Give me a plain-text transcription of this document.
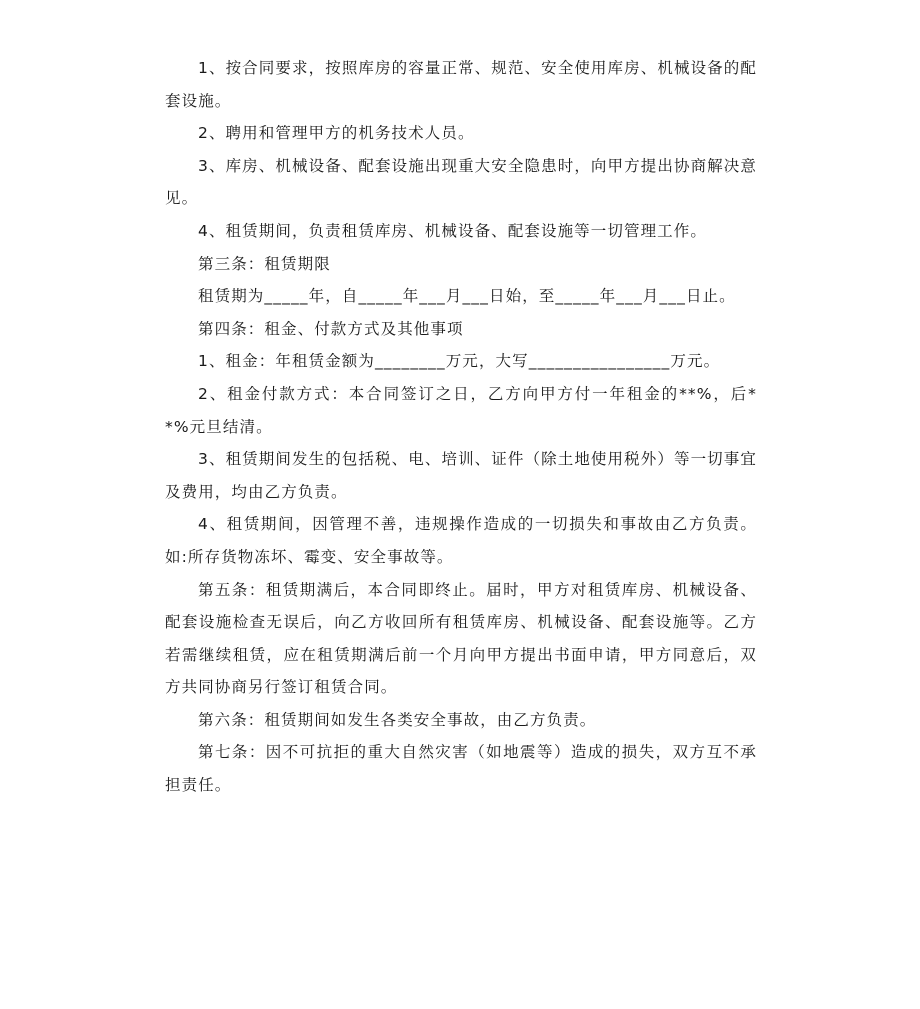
1、按合同要求，按照库房的容量正常、规范、安全使用库房、机械设备的配套设施。

2、聘用和管理甲方的机务技术人员。

3、库房、机械设备、配套设施出现重大安全隐患时，向甲方提出协商解决意见。

4、租赁期间，负责租赁库房、机械设备、配套设施等一切管理工作。

第三条：租赁期限

租赁期为_____年，自_____年___月___日始，至_____年___月___日止。

第四条：租金、付款方式及其他事项

1、租金：年租赁金额为________万元，大写________________万元。

2、租金付款方式：本合同签订之日，乙方向甲方付一年租金的**%，后**%元旦结清。

3、租赁期间发生的包括税、电、培训、证件（除土地使用税外）等一切事宜及费用，均由乙方负责。

4、租赁期间，因管理不善，违规操作造成的一切损失和事故由乙方负责。如:所存货物冻坏、霉变、安全事故等。

第五条：租赁期满后，本合同即终止。届时，甲方对租赁库房、机械设备、配套设施检查无误后，向乙方收回所有租赁库房、机械设备、配套设施等。乙方若需继续租赁，应在租赁期满后前一个月向甲方提出书面申请，甲方同意后，双方共同协商另行签订租赁合同。

第六条：租赁期间如发生各类安全事故，由乙方负责。

第七条：因不可抗拒的重大自然灾害（如地震等）造成的损失，双方互不承担责任。
